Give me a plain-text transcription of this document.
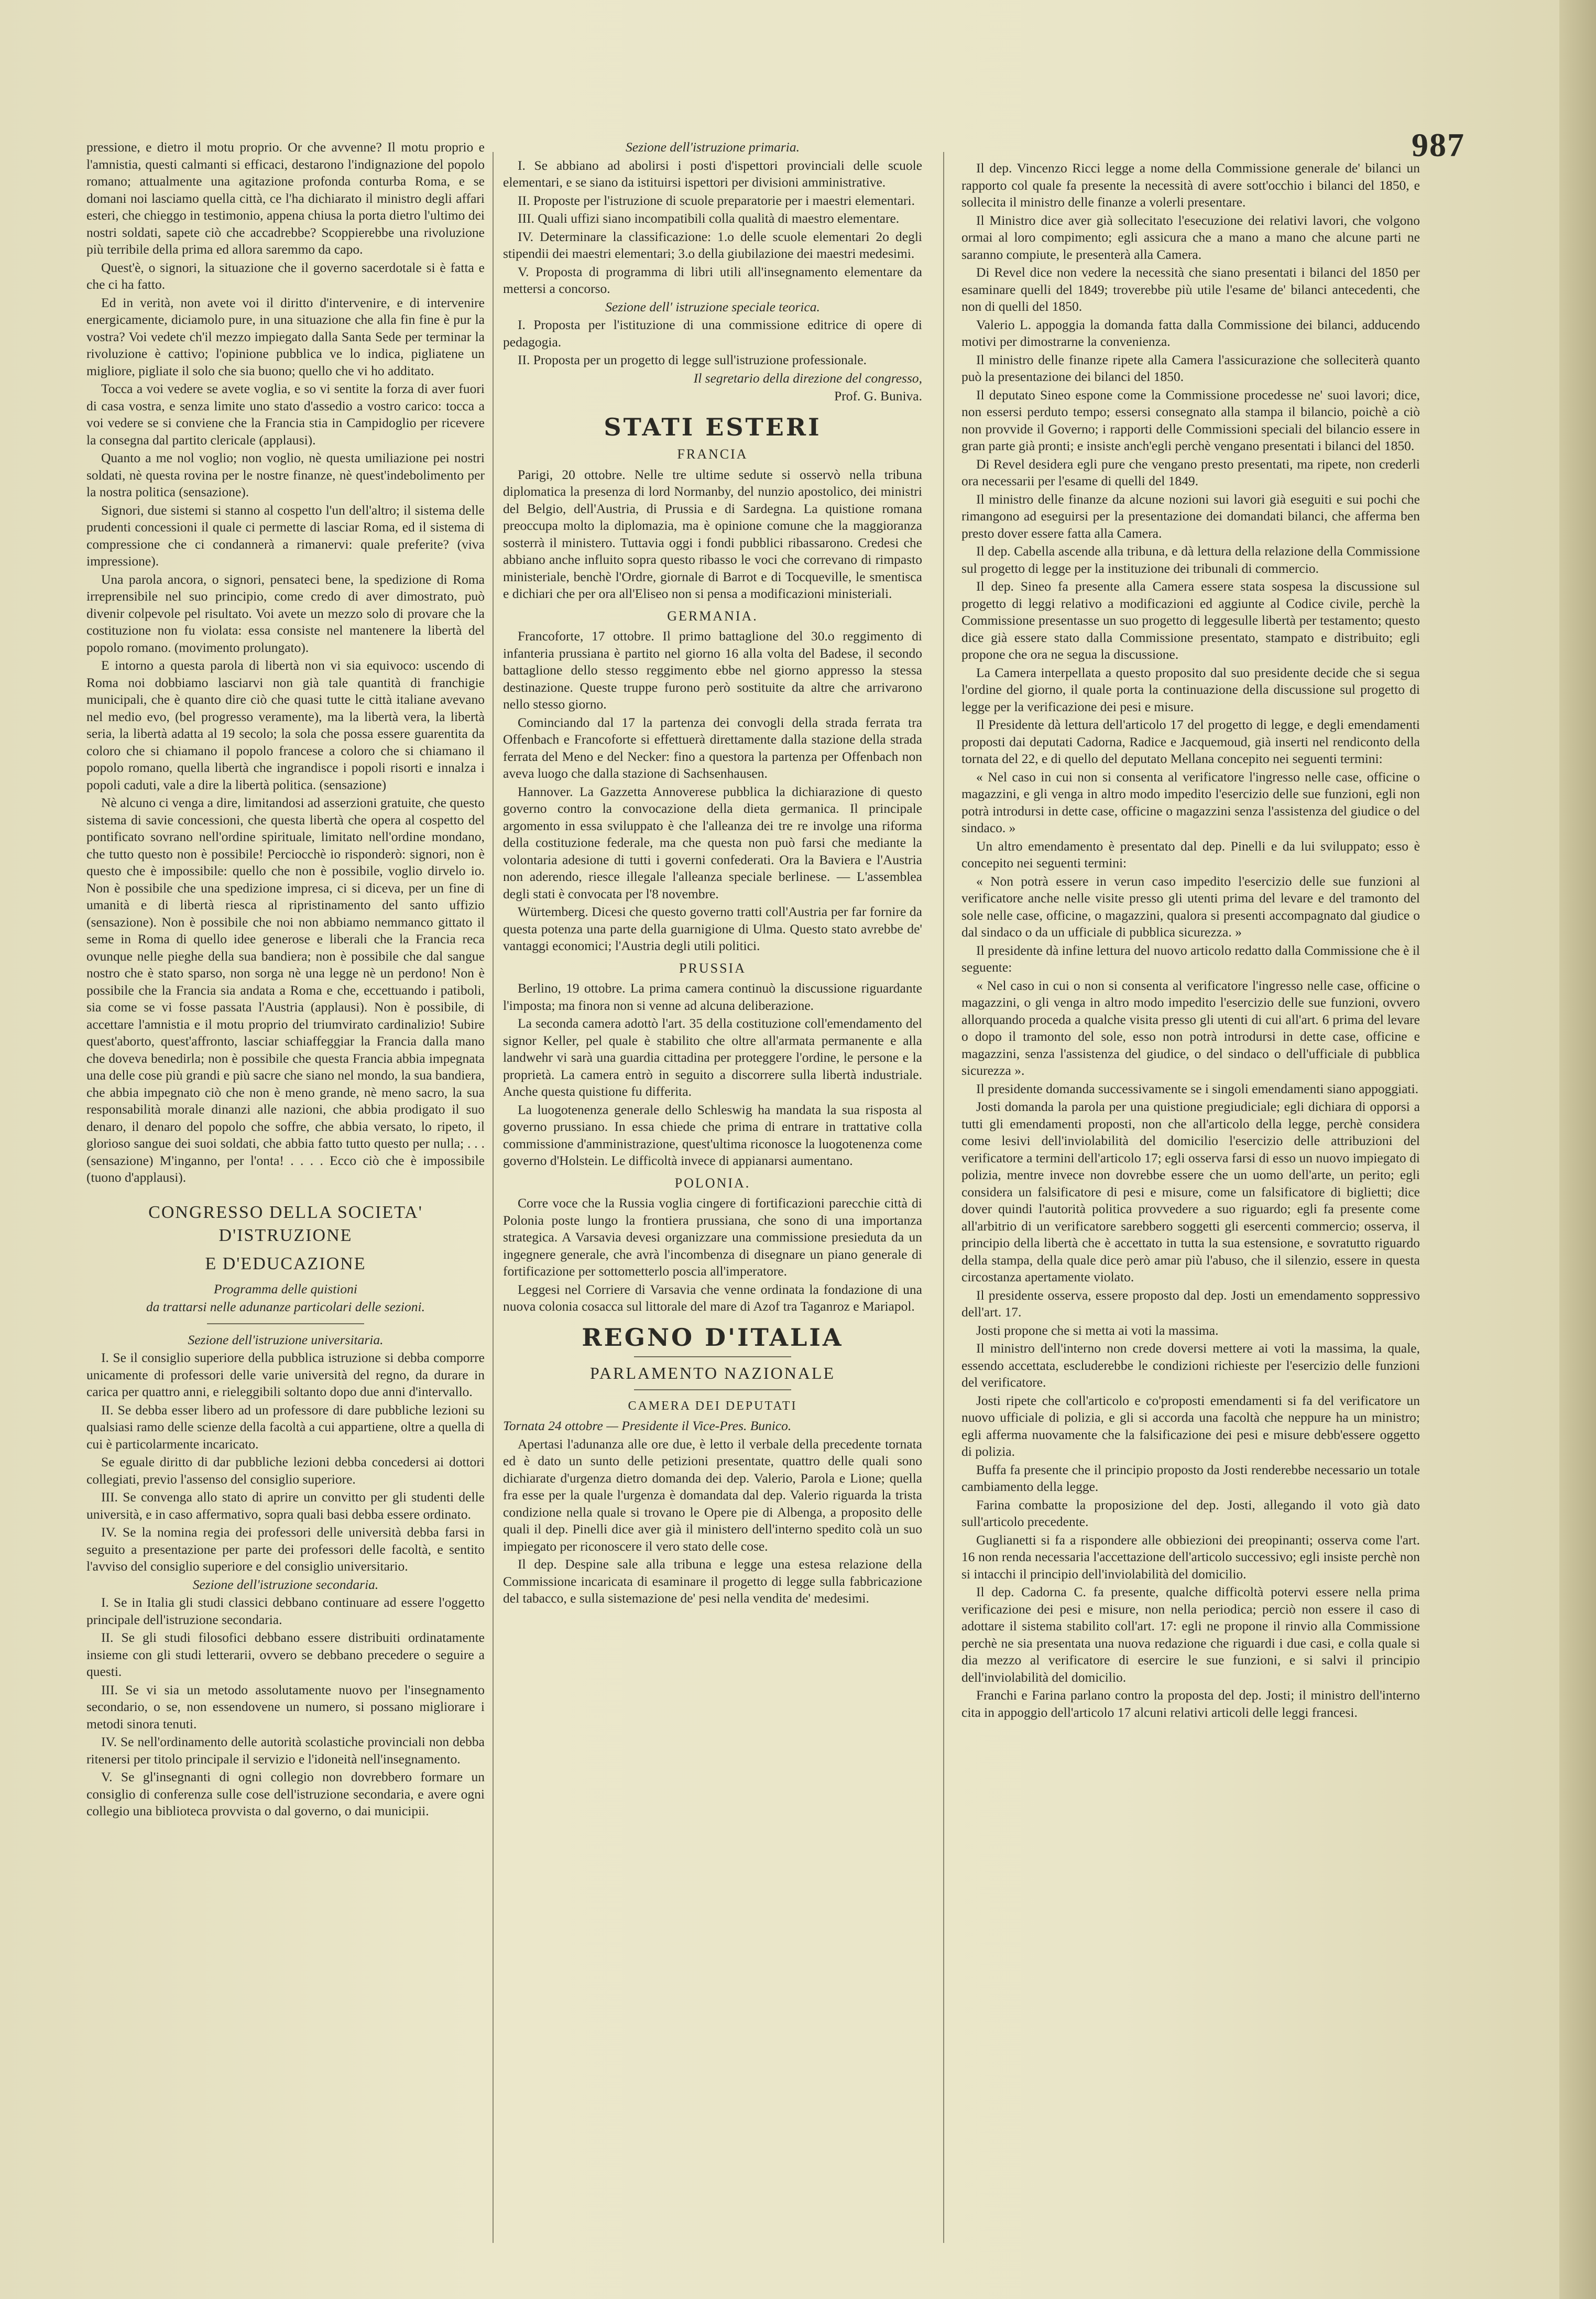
987

pressione, e dietro il motu proprio. Or che avvenne? Il motu proprio e l'amnistia, questi calmanti si efficaci, destarono l'indignazione del popolo romano; attualmente una agitazione profonda conturba Roma, e se domani noi lasciamo quella città, ce l'ha dichiarato il ministro degli affari esteri, che chieggo in testimonio, appena chiusa la porta dietro l'ultimo dei nostri soldati, sapete ciò che accadrebbe? Scoppierebbe una rivoluzione più terribile della prima ed allora saremmo da capo.

Quest'è, o signori, la situazione che il governo sacerdotale si è fatta e che ci ha fatto.

Ed in verità, non avete voi il diritto d'intervenire, e di intervenire energicamente, diciamolo pure, in una situazione che alla fin fine è pur la vostra? Voi vedete ch'il mezzo impiegato dalla Santa Sede per terminar la rivoluzione è cattivo; l'opinione pubblica ve lo indica, pigliatene un migliore, pigliate il solo che sia buono; quello che vi ho additato.

Tocca a voi vedere se avete voglia, e so vi sentite la forza di aver fuori di casa vostra, e senza limite uno stato d'assedio a vostro carico: tocca a voi vedere se si conviene che la Francia stia in Campidoglio per ricevere la consegna dal partito clericale (applausi).

Quanto a me nol voglio; non voglio, nè questa umiliazione pei nostri soldati, nè questa rovina per le nostre finanze, nè quest'indebolimento per la nostra politica (sensazione).

Signori, due sistemi si stanno al cospetto l'un dell'altro; il sistema delle prudenti concessioni il quale ci permette di lasciar Roma, ed il sistema di compressione che ci condannerà a rimanervi: quale preferite? (viva impressione).

Una parola ancora, o signori, pensateci bene, la spedizione di Roma irreprensibile nel suo principio, come credo di aver dimostrato, può divenir colpevole pel risultato. Voi avete un mezzo solo di provare che la costituzione non fu violata: essa consiste nel mantenere la libertà del popolo romano. (movimento prolungato).

E intorno a questa parola di libertà non vi sia equivoco: uscendo di Roma noi dobbiamo lasciarvi non già tale quantità di franchigie municipali, che è quanto dire ciò che quasi tutte le città italiane avevano nel medio evo, (bel progresso veramente), ma la libertà vera, la libertà seria, la libertà adatta al 19 secolo; la sola che possa essere guarentita da coloro che si chiamano il popolo francese a coloro che si chiamano il popolo romano, quella libertà che ingrandisce i popoli risorti e innalza i popoli caduti, vale a dire la libertà politica. (sensazione)

Nè alcuno ci venga a dire, limitandosi ad asserzioni gratuite, che questo sistema di savie concessioni, che questa libertà che opera al cospetto del pontificato sovrano nell'ordine spirituale, limitato nell'ordine mondano, che tutto questo non è possibile! Perciocchè io risponderò: signori, non è questo che è impossibile: quello che non è possibile, voglio dirvelo io. Non è possibile che una spedizione impresa, ci si diceva, per un fine di umanità e di libertà riesca al ripristinamento del santo uffizio (sensazione). Non è possibile che noi non abbiamo nemmanco gittato il seme in Roma di quello idee generose e liberali che la Francia reca ovunque nelle pieghe della sua bandiera; non è possibile che dal sangue nostro che è stato sparso, non sorga nè una legge nè un perdono! Non è possibile che la Francia sia andata a Roma e che, eccettuando i patiboli, sia come se vi fosse passata l'Austria (applausi). Non è possibile, di accettare l'amnistia e il motu proprio del triumvirato cardinalizio! Subire quest'aborto, quest'affronto, lasciar schiaffeggiar la Francia dalla mano che doveva benedirla; non è possibile che questa Francia abbia impegnata una delle cose più grandi e più sacre che siano nel mondo, la sua bandiera, che abbia impegnato ciò che non è meno grande, nè meno sacro, la sua responsabilità morale dinanzi alle nazioni, che abbia prodigato il suo denaro, il denaro del popolo che soffre, che abbia versato, lo ripeto, il glorioso sangue dei suoi soldati, che abbia fatto tutto questo per nulla; . . . (sensazione) M'inganno, per l'onta! . . . . Ecco ciò che è impossibile (tuono d'applausi).

CONGRESSO DELLA SOCIETA' D'ISTRUZIONE
E D'EDUCAZIONE

Programma delle quistioni

da trattarsi nelle adunanze particolari delle sezioni.

Sezione dell'istruzione universitaria.

I. Se il consiglio superiore della pubblica istruzione si debba comporre unicamente di professori delle varie università del regno, da durare in carica per quattro anni, e rieleggibili soltanto dopo due anni d'intervallo.

II. Se debba esser libero ad un professore di dare pubbliche lezioni su qualsiasi ramo delle scienze della facoltà a cui appartiene, oltre a quella di cui è particolarmente incaricato.

Se eguale diritto di dar pubbliche lezioni debba concedersi ai dottori collegiati, previo l'assenso del consiglio superiore.

III. Se convenga allo stato di aprire un convitto per gli studenti delle università, e in caso affermativo, sopra quali basi debba essere ordinato.

IV. Se la nomina regia dei professori delle università debba farsi in seguito a presentazione per parte dei professori delle facoltà, e sentito l'avviso del consiglio superiore e del consiglio universitario.

Sezione dell'istruzione secondaria.

I. Se in Italia gli studi classici debbano continuare ad essere l'oggetto principale dell'istruzione secondaria.

II. Se gli studi filosofici debbano essere distribuiti ordinatamente insieme con gli studi letterarii, ovvero se debbano precedere o seguire a questi.

III. Se vi sia un metodo assolutamente nuovo per l'insegnamento secondario, o se, non essendovene un numero, si possano migliorare i metodi sinora tenuti.

IV. Se nell'ordinamento delle autorità scolastiche provinciali non debba ritenersi per titolo principale il servizio e l'idoneità nell'insegnamento.

V. Se gl'insegnanti di ogni collegio non dovrebbero formare un consiglio di conferenza sulle cose dell'istruzione secondaria, e avere ogni collegio una biblioteca provvista o dal governo, o dai municipii.

Sezione dell'istruzione primaria.

I. Se abbiano ad abolirsi i posti d'ispettori provinciali delle scuole elementari, e se siano da istituirsi ispettori per divisioni amministrative.

II. Proposte per l'istruzione di scuole preparatorie per i maestri elementari.

III. Quali uffizi siano incompatibili colla qualità di maestro elementare.

IV. Determinare la classificazione: 1.o delle scuole elementari 2o degli stipendii dei maestri elementari; 3.o della giubilazione dei maestri medesimi.

V. Proposta di programma di libri utili all'insegnamento elementare da mettersi a concorso.

Sezione dell' istruzione speciale teorica.

I. Proposta per l'istituzione di una commissione editrice di opere di pedagogia.

II. Proposta per un progetto di legge sull'istruzione professionale.

Il segretario della direzione del congresso,

Prof. G. Buniva.

STATI ESTERI
FRANCIA

Parigi, 20 ottobre. Nelle tre ultime sedute si osservò nella tribuna diplomatica la presenza di lord Normanby, del nunzio apostolico, dei ministri del Belgio, dell'Austria, di Prussia e di Sardegna. La quistione romana preoccupa molto la diplomazia, ma è opinione comune che la maggioranza sosterrà il ministero. Tuttavia oggi i fondi pubblici ribassarono. Credesi che abbiano anche influito sopra questo ribasso le voci che correvano di rimpasto ministeriale, benchè l'Ordre, giornale di Barrot e di Tocqueville, le smentisca e dichiari che per ora all'Eliseo non si pensa a modificazioni ministeriali.

GERMANIA.

Francoforte, 17 ottobre. Il primo battaglione del 30.o reggimento di infanteria prussiana è partito nel giorno 16 alla volta del Badese, il secondo battaglione dello stesso reggimento ebbe nel giorno appresso la stessa destinazione. Queste truppe furono però sostituite da altre che arrivarono nello stesso giorno.

Cominciando dal 17 la partenza dei convogli della strada ferrata tra Offenbach e Francoforte si effettuerà direttamente dalla stazione della strada ferrata del Meno e del Necker: fino a questora la partenza per Offenbach non aveva luogo che dalla stazione di Sachsenhausen.

Hannover. La Gazzetta Annoverese pubblica la dichiarazione di questo governo contro la convocazione della dieta germanica. Il principale argomento in essa sviluppato è che l'alleanza dei tre re involge una riforma della costituzione federale, ma che questa non può farsi che mediante la volontaria adesione di tutti i governi confederati. Ora la Baviera e l'Austria non aderendo, riesce illegale l'alleanza speciale berlinese. — L'assemblea degli stati è convocata per l'8 novembre.

Würtemberg. Dicesi che questo governo tratti coll'Austria per far fornire da questa potenza una parte della guarnigione di Ulma. Questo stato avrebbe de' vantaggi economici; l'Austria degli utili politici.

PRUSSIA

Berlino, 19 ottobre. La prima camera continuò la discussione riguardante l'imposta; ma finora non si venne ad alcuna deliberazione.

La seconda camera adottò l'art. 35 della costituzione coll'emendamento del signor Keller, pel quale è stabilito che oltre all'armata permanente e alla landwehr vi sarà una guardia cittadina per proteggere l'ordine, le persone e la proprietà. La camera entrò in seguito a discorrere sulla libertà industriale. Anche questa quistione fu differita.

La luogotenenza generale dello Schleswig ha mandata la sua risposta al governo prussiano. In essa chiede che prima di entrare in trattative colla commissione d'amministrazione, quest'ultima riconosce la luogotenenza come governo d'Holstein. Le difficoltà invece di appianarsi aumentano.

POLONIA.

Corre voce che la Russia voglia cingere di fortificazioni parecchie città di Polonia poste lungo la frontiera prussiana, che sono di una importanza strategica. A Varsavia devesi organizzare una commissione presieduta da un ingegnere generale, che avrà l'incombenza di disegnare un piano generale di fortificazione per sottometterlo poscia all'imperatore.

Leggesi nel Corriere di Varsavia che venne ordinata la fondazione di una nuova colonia cosacca sul littorale del mare di Azof tra Taganroz e Mariapol.

REGNO D'ITALIA
PARLAMENTO NAZIONALE
CAMERA DEI DEPUTATI

Tornata 24 ottobre — Presidente il Vice-Pres. Bunico.

Apertasi l'adunanza alle ore due, è letto il verbale della precedente tornata ed è dato un sunto delle petizioni presentate, quattro delle quali sono dichiarate d'urgenza dietro domanda dei dep. Valerio, Parola e Lione; quella fra esse per la quale l'urgenza è domandata dal dep. Valerio riguarda la trista condizione nella quale si trovano le Opere pie di Albenga, a proposito delle quali il dep. Pinelli dice aver già il ministero dell'interno spedito colà un suo impiegato per riconoscere il vero stato delle cose.

Il dep. Despine sale alla tribuna e legge una estesa relazione della Commissione incaricata di esaminare il progetto di legge sulla fabbricazione del tabacco, e sulla sistemazione de' pesi nella vendita de' medesimi.

Il dep. Vincenzo Ricci legge a nome della Commissione generale de' bilanci un rapporto col quale fa presente la necessità di avere sott'occhio i bilanci del 1850, e sollecita il ministro delle finanze a volerli presentare.

Il Ministro dice aver già sollecitato l'esecuzione dei relativi lavori, che volgono ormai al loro compimento; egli assicura che a mano a mano che alcune parti ne saranno compiute, le presenterà alla Camera.

Di Revel dice non vedere la necessità che siano presentati i bilanci del 1850 per esaminare quelli del 1849; troverebbe più utile l'esame de' bilanci antecedenti, che non di quelli del 1850.

Valerio L. appoggia la domanda fatta dalla Commissione dei bilanci, adducendo motivi per dimostrarne la convenienza.

Il ministro delle finanze ripete alla Camera l'assicurazione che solleciterà quanto può la presentazione dei bilanci del 1850.

Il deputato Sineo espone come la Commissione procedesse ne' suoi lavori; dice, non essersi perduto tempo; essersi consegnato alla stampa il bilancio, poichè a ciò non provvide il Governo; i rapporti delle Commissioni speciali del bilancio essere in gran parte già pronti; e insiste anch'egli perchè vengano presentati i bilanci del 1850.

Di Revel desidera egli pure che vengano presto presentati, ma ripete, non crederli ora necessarii per l'esame di quelli del 1849.

Il ministro delle finanze da alcune nozioni sui lavori già eseguiti e sui pochi che rimangono ad eseguirsi per la presentazione dei domandati bilanci, che afferma ben presto dover essere fatta alla Camera.

Il dep. Cabella ascende alla tribuna, e dà lettura della relazione della Commissione sul progetto di legge per la instituzione dei tribunali di commercio.

Il dep. Sineo fa presente alla Camera essere stata sospesa la discussione sul progetto di leggi relativo a modificazioni ed aggiunte al Codice civile, perchè la Commissione presentasse un suo progetto di leggesulle libertà per testamento; questo dice già essere stato dalla Commissione presentato, stampato e distribuito; egli propone che ora ne segua la discussione.

La Camera interpellata a questo proposito dal suo presidente decide che si segua l'ordine del giorno, il quale porta la continuazione della discussione sul progetto di legge per la verificazione dei pesi e misure.

Il Presidente dà lettura dell'articolo 17 del progetto di legge, e degli emendamenti proposti dai deputati Cadorna, Radice e Jacquemoud, già inserti nel rendiconto della tornata del 22, e di quello del deputato Mellana concepito nei seguenti termini:

« Nel caso in cui non si consenta al verificatore l'ingresso nelle case, officine o magazzini, e gli venga in altro modo impedito l'esercizio delle sue funzioni, egli non potrà introdursi in dette case, officine o magazzini senza l'assistenza del giudice o del sindaco. »

Un altro emendamento è presentato dal dep. Pinelli e da lui sviluppato; esso è concepito nei seguenti termini:

« Non potrà essere in verun caso impedito l'esercizio delle sue funzioni al verificatore anche nelle visite presso gli utenti prima del levare e del tramonto del sole nelle case, officine, o magazzini, qualora si presenti accompagnato dal giudice o dal sindaco o da un ufficiale di pubblica sicurezza. »

Il presidente dà infine lettura del nuovo articolo redatto dalla Commissione che è il seguente:

« Nel caso in cui o non si consenta al verificatore l'ingresso nelle case, officine o magazzini, o gli venga in altro modo impedito l'esercizio delle sue funzioni, ovvero allorquando proceda a qualche visita presso gli utenti di cui all'art. 6 prima del levare o dopo il tramonto del sole, esso non potrà introdursi in dette case, officine e magazzini, senza l'assistenza del giudice, o del sindaco o dell'ufficiale di pubblica sicurezza ».

Il presidente domanda successivamente se i singoli emendamenti siano appoggiati.

Josti domanda la parola per una quistione pregiudiciale; egli dichiara di opporsi a tutti gli emendamenti proposti, non che all'articolo della legge, perchè considera come lesivi dell'inviolabilità del domicilio l'esercizio delle attribuzioni del verificatore a termini dell'articolo 17; egli osserva farsi di esso un nuovo impiegato di polizia, mentre invece non dovrebbe essere che un uomo dell'arte, un perito; egli considera un falsificatore di pesi e misure, come un falsificatore di biglietti; dice dover quindi l'autorità politica provvedere a suo riguardo; egli fa presente come all'arbitrio di un verificatore sarebbero soggetti gli esercenti commercio; osserva, il principio della libertà che è accettato in tutta la sua estensione, e sovratutto riguardo della stampa, della quale dice però amar più l'abuso, che il silenzio, essere in questa circostanza apertamente violato.

Il presidente osserva, essere proposto dal dep. Josti un emendamento soppressivo dell'art. 17.

Josti propone che si metta ai voti la massima.

Il ministro dell'interno non crede doversi mettere ai voti la massima, la quale, essendo accettata, escluderebbe le condizioni richieste per l'esercizio delle funzioni del verificatore.

Josti ripete che coll'articolo e co'proposti emendamenti si fa del verificatore un nuovo ufficiale di polizia, e gli si accorda una facoltà che neppure ha un ministro; egli afferma nuovamente che la falsificazione dei pesi e misure debb'essere oggetto di polizia.

Buffa fa presente che il principio proposto da Josti renderebbe necessario un totale cambiamento della legge.

Farina combatte la proposizione del dep. Josti, allegando il voto già dato sull'articolo precedente.

Guglianetti si fa a rispondere alle obbiezioni dei preopinanti; osserva come l'art. 16 non renda necessaria l'accettazione dell'articolo successivo; egli insiste perchè non si intacchi il principio dell'inviolabilità del domicilio.

Il dep. Cadorna C. fa presente, qualche difficoltà potervi essere nella prima verificazione dei pesi e misure, non nella periodica; perciò non essere il caso di adottare il sistema stabilito coll'art. 17: egli ne propone il rinvio alla Commissione perchè ne sia presentata una nuova redazione che riguardi i due casi, e colla quale si dia mezzo al verificatore di esercire le sue funzioni, e si salvi il principio dell'inviolabilità del domicilio.

Franchi e Farina parlano contro la proposta del dep. Josti; il ministro dell'interno cita in appoggio dell'articolo 17 alcuni relativi articoli delle leggi francesi.
